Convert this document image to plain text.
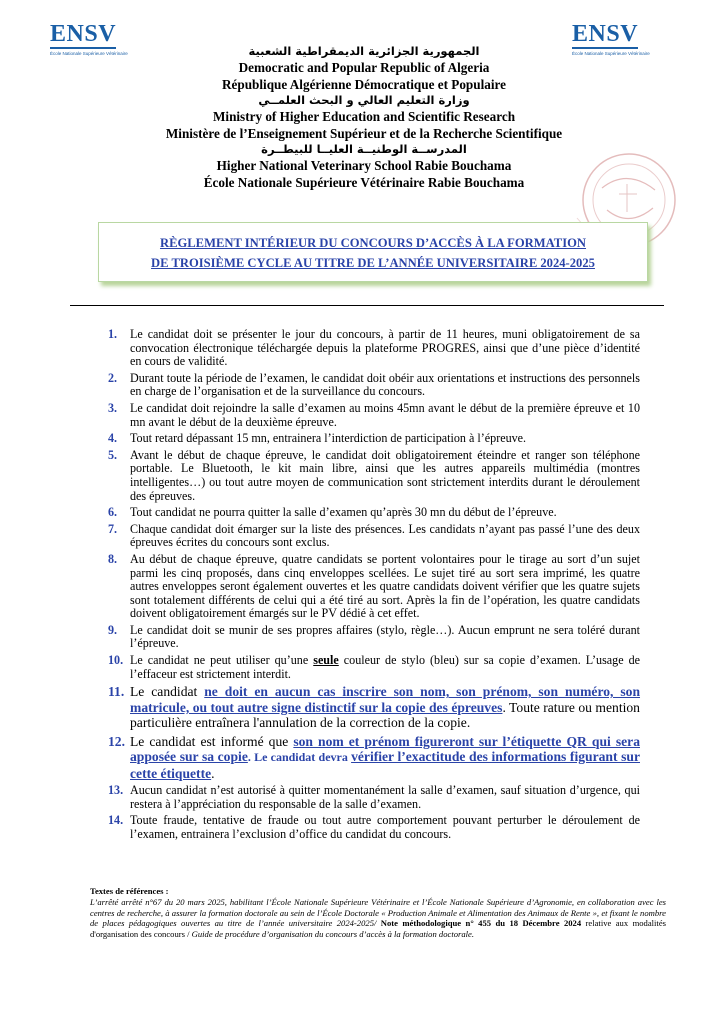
ENSV
École Nationale Supérieure Vétérinaire
ENSV
École Nationale Supérieure Vétérinaire
الجمهورية الجزائرية الديمقراطية الشعبية
Democratic and Popular Republic of Algeria
République Algérienne Démocratique et Populaire
وزارة التعليم العالي و البحث العلمــي
Ministry of Higher Education and Scientific Research
Ministère de l’Enseignement Supérieur et de la Recherche Scientifique
المدرســة الوطنيــة العليــا للبيطــرة
Higher National Veterinary School Rabie Bouchama
École Nationale Supérieure Vétérinaire Rabie Bouchama
RÈGLEMENT INTÉRIEUR DU CONCOURS D’ACCÈS À LA FORMATION
DE TROISIÈME CYCLE AU TITRE DE L’ANNÉE UNIVERSITAIRE 2024-2025
1. Le candidat doit se présenter le jour du concours, à partir de 11 heures, muni obligatoirement de sa convocation électronique téléchargée depuis la plateforme PROGRES, ainsi que d’une pièce d’identité en cours de validité.
2. Durant toute la période de l’examen, le candidat doit obéir aux orientations et instructions des personnels en charge de l’organisation et de la surveillance du concours.
3. Le candidat doit rejoindre la salle d’examen au moins 45mn avant le début de la première épreuve et 10 mn avant le début de la deuxième épreuve.
4. Tout retard dépassant 15 mn, entrainera l’interdiction de participation à l’épreuve.
5. Avant le début de chaque épreuve, le candidat doit obligatoirement éteindre et ranger son téléphone portable. Le Bluetooth, le kit main libre, ainsi que les autres appareils multimédia (montres intelligentes…) ou tout autre moyen de communication sont strictement interdits durant le déroulement des épreuves.
6. Tout candidat ne pourra quitter la salle d’examen qu’après 30 mn du début de l’épreuve.
7. Chaque candidat doit émarger sur la liste des présences. Les candidats n’ayant pas passé l’une des deux épreuves écrites du concours sont exclus.
8. Au début de chaque épreuve, quatre candidats se portent volontaires pour le tirage au sort d’un sujet parmi les cinq proposés, dans cinq enveloppes scellées. Le sujet tiré au sort sera imprimé, les quatre autres enveloppes seront également ouvertes et les quatre candidats doivent vérifier que les quatre sujets sont totalement différents de celui qui a été tiré au sort. Après la fin de l’opération, les quatre candidats doivent obligatoirement émargés sur le PV dédié à cet effet.
9. Le candidat doit se munir de ses propres affaires (stylo, règle…). Aucun emprunt ne sera toléré durant l’épreuve.
10. Le candidat ne peut utiliser qu’une seule couleur de stylo (bleu) sur sa copie d’examen. L’usage de l’effaceur est strictement interdit.
11. Le candidat ne doit en aucun cas inscrire son nom, son prénom, son numéro, son matricule, ou tout autre signe distinctif sur la copie des épreuves. Toute rature ou mention particulière entraînera l'annulation de la correction de la copie.
12. Le candidat est informé que son nom et prénom figureront sur l’étiquette QR qui sera apposée sur sa copie. Le candidat devra vérifier l’exactitude des informations figurant sur cette étiquette.
13. Aucun candidat n’est autorisé à quitter momentanément la salle d’examen, sauf situation d’urgence, qui restera à l’appréciation du responsable de la salle d’examen.
14. Toute fraude, tentative de fraude ou tout autre comportement pouvant perturber le déroulement de l’examen, entrainera l’exclusion d’office du candidat du concours.
Textes de références :
L’arrêté arrêté n°67 du 20 mars 2025, habilitant l’École Nationale Supérieure Vétérinaire et l’École Nationale Supérieure d’Agronomie, en collaboration avec les centres de recherche, à assurer la formation doctorale au sein de l’École Doctorale « Production Animale et Alimentation des Animaux de Rente », et fixant le nombre de places pédagogiques ouvertes au titre de l’année universitaire 2024-2025/ Note méthodologique n° 455 du 18 Décembre 2024 relative aux modalités d'organisation des concours / Guide de procédure d’organisation du concours d’accès à la formation doctorale.
